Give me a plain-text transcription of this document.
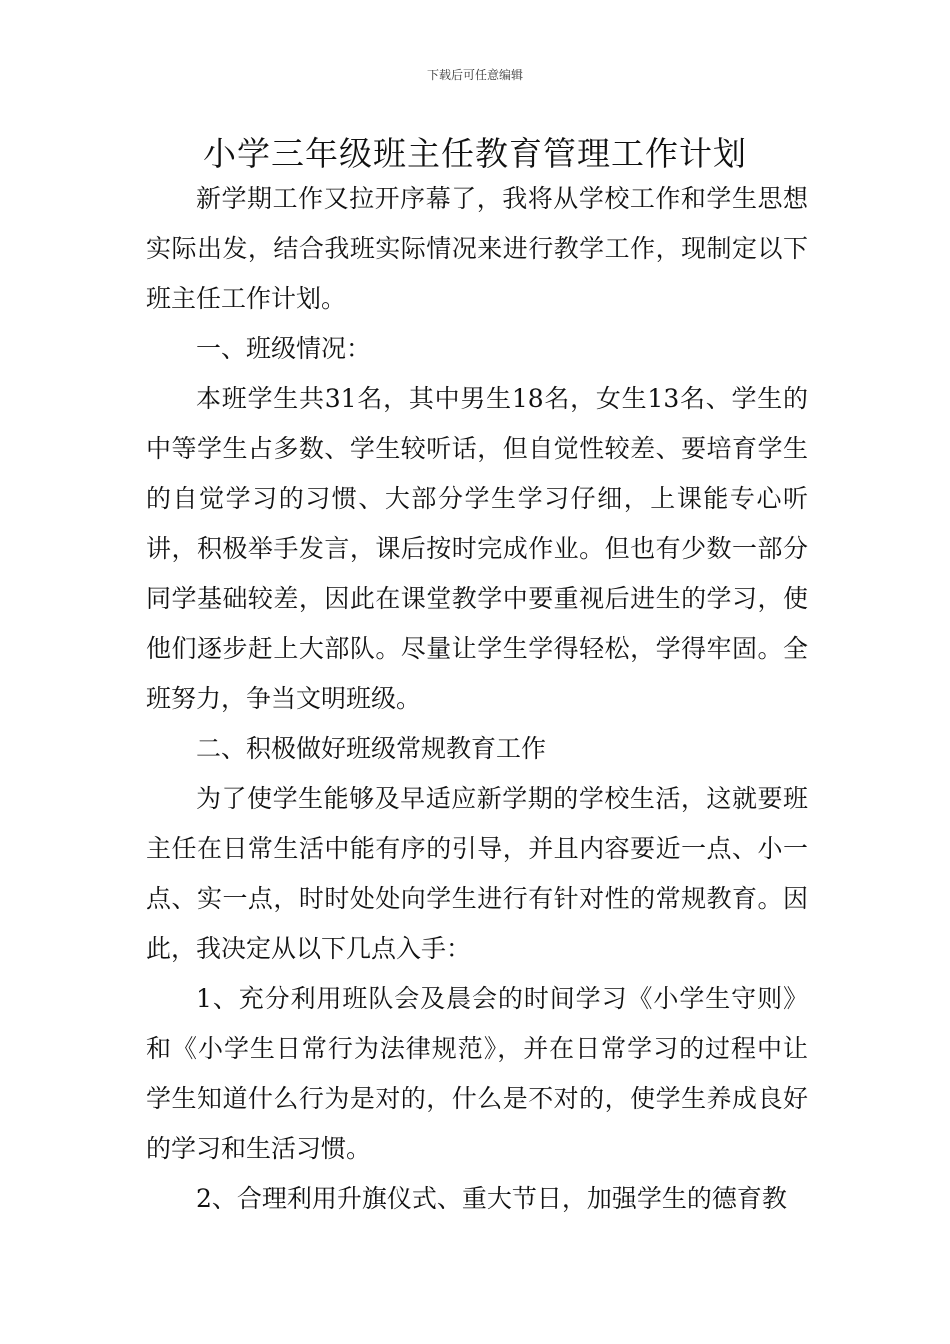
下载后可任意编辑
小学三年级班主任教育管理工作计划

新学期工作又拉开序幕了，我将从学校工作和学生思想实际出发，结合我班实际情况来进行教学工作，现制定以下班主任工作计划。

一、班级情况：

本班学生共31名，其中男生18名，女生13名、学生的中等学生占多数、学生较听话，但自觉性较差、要培育学生的自觉学习的习惯、大部分学生学习仔细，上课能专心听讲，积极举手发言，课后按时完成作业。但也有少数一部分同学基础较差，因此在课堂教学中要重视后进生的学习，使他们逐步赶上大部队。尽量让学生学得轻松，学得牢固。全班努力，争当文明班级。

二、积极做好班级常规教育工作

为了使学生能够及早适应新学期的学校生活，这就要班主任在日常生活中能有序的引导，并且内容要近一点、小一点、实一点，时时处处向学生进行有针对性的常规教育。因此，我决定从以下几点入手：

1、充分利用班队会及晨会的时间学习《小学生守则》和《小学生日常行为法律规范》，并在日常学习的过程中让学生知道什么行为是对的，什么是不对的，使学生养成良好的学习和生活习惯。

2、合理利用升旗仪式、重大节日，加强学生的德育教
